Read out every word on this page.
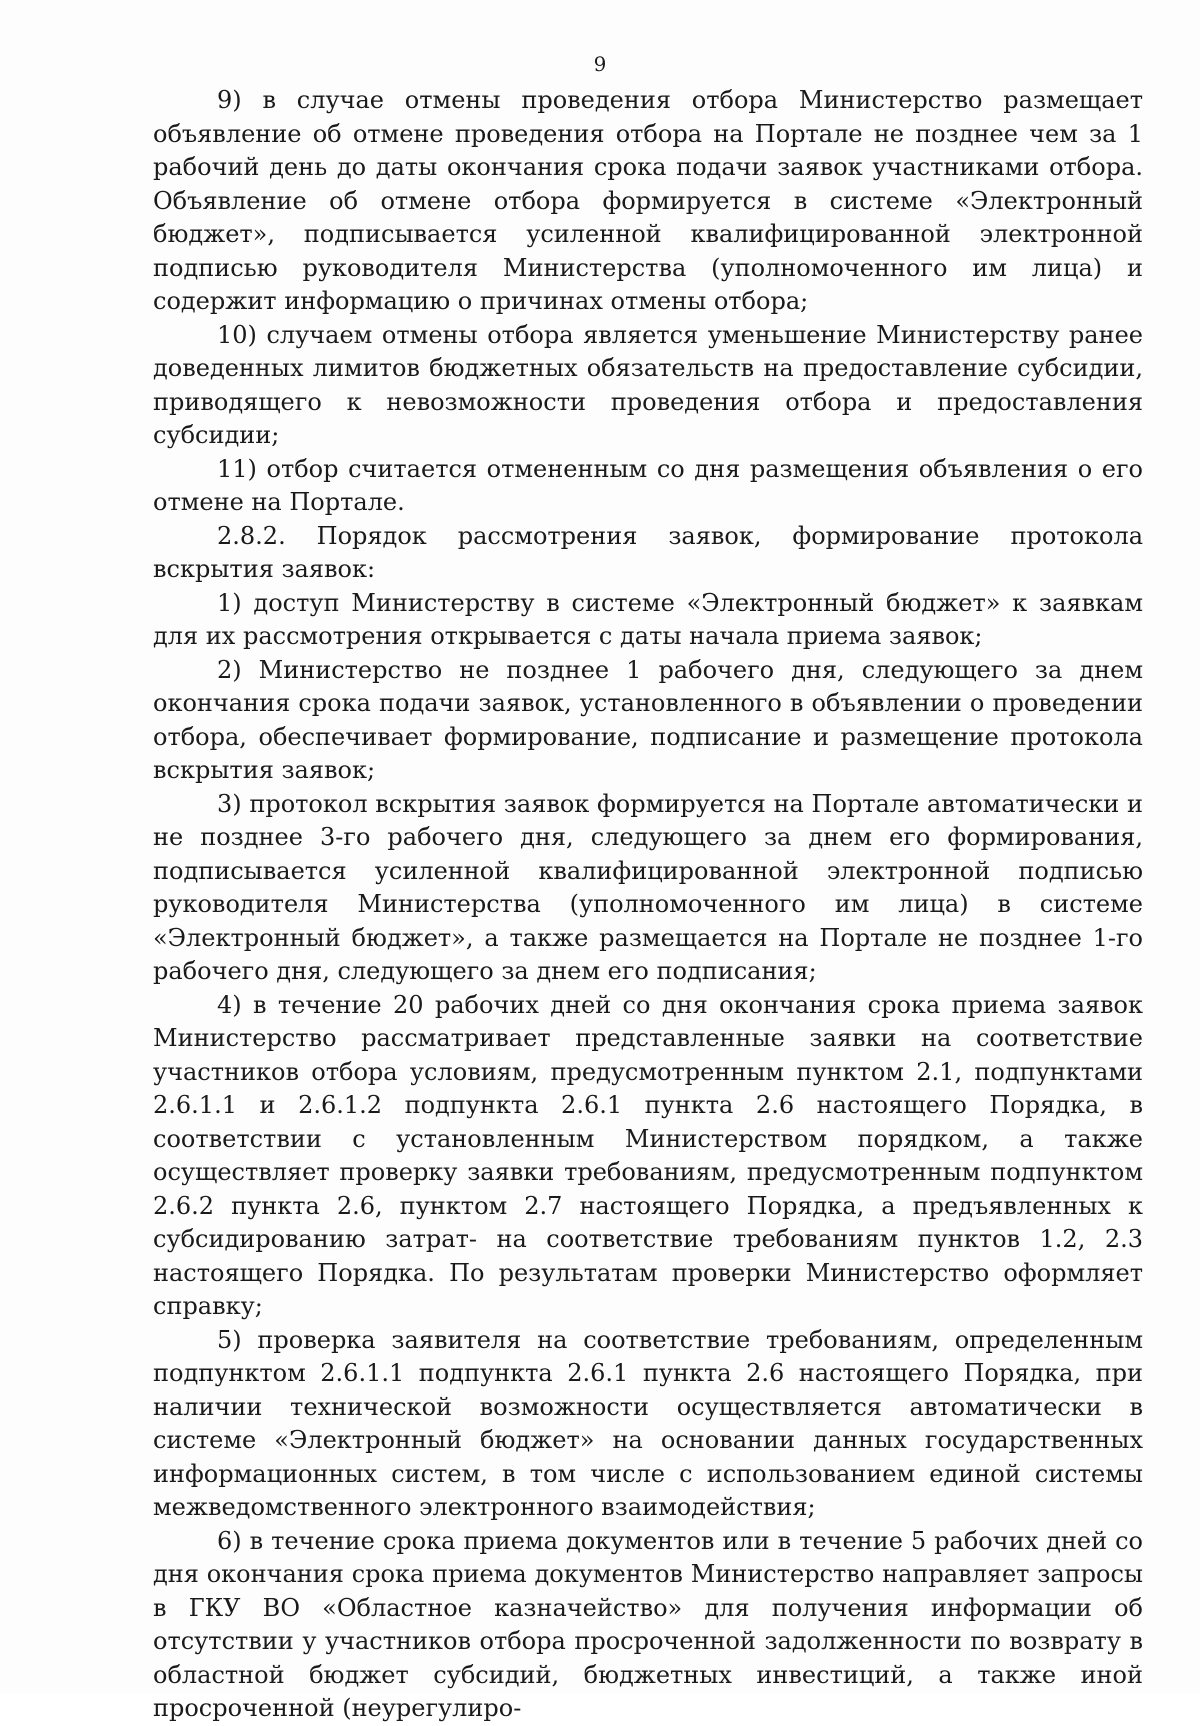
9

9) в случае отмены проведения отбора Министерство размещает объявление об отмене проведения отбора на Портале не позднее чем за 1 рабочий день до даты окончания срока подачи заявок участниками отбора. Объявление об отмене отбора формируется в системе «Электронный бюджет», подписывается усиленной квалифицированной электронной подписью руководителя Министерства (уполномоченного им лица) и содержит информацию о причинах отмены отбора;

10) случаем отмены отбора является уменьшение Министерству ранее доведенных лимитов бюджетных обязательств на предоставление субсидии, приводящего к невозможности проведения отбора и предоставления субсидии;

11) отбор считается отмененным со дня размещения объявления о его отмене на Портале.

2.8.2. Порядок рассмотрения заявок, формирование протокола вскрытия заявок:

1) доступ Министерству в системе «Электронный бюджет» к заявкам для их рассмотрения открывается с даты начала приема заявок;

2) Министерство не позднее 1 рабочего дня, следующего за днем окончания срока подачи заявок, установленного в объявлении о проведении отбора, обеспечивает формирование, подписание и размещение протокола вскрытия заявок;

3) протокол вскрытия заявок формируется на Портале автоматически и не позднее 3-го рабочего дня, следующего за днем его формирования, подписывается усиленной квалифицированной электронной подписью руководителя Министерства (уполномоченного им лица) в системе «Электронный бюджет», а также размещается на Портале не позднее 1-го рабочего дня, следующего за днем его подписания;

4) в течение 20 рабочих дней со дня окончания срока приема заявок Министерство рассматривает представленные заявки на соответствие участников отбора условиям, предусмотренным пунктом 2.1, подпунктами 2.6.1.1 и 2.6.1.2 подпункта 2.6.1 пункта 2.6 настоящего Порядка, в соответствии с установленным Министерством порядком, а также осуществляет проверку заявки требованиям, предусмотренным подпунктом 2.6.2 пункта 2.6, пунктом 2.7 настоящего Порядка, а предъявленных к субсидированию затрат- на соответствие требованиям пунктов 1.2, 2.3 настоящего Порядка. По результатам проверки Министерство оформляет справку;

5) проверка заявителя на соответствие требованиям, определенным подпунктом 2.6.1.1 подпункта 2.6.1 пункта 2.6 настоящего Порядка, при наличии технической возможности осуществляется автоматически в системе «Электронный бюджет» на основании данных государственных информационных систем, в том числе с использованием единой системы межведомственного электронного взаимодействия;

6) в течение срока приема документов или в течение 5 рабочих дней со дня окончания срока приема документов Министерство направляет запросы в ГКУ ВО «Областное казначейство» для получения информации об отсутствии у участников отбора просроченной задолженности по возврату в областной бюджет субсидий, бюджетных инвестиций, а также иной просроченной (неурегулиро-
